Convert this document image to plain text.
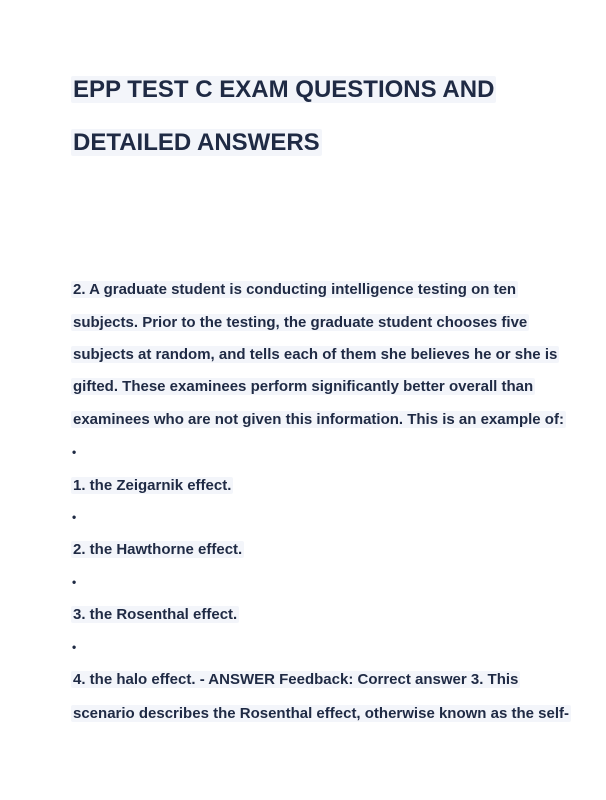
EPP TEST C EXAM QUESTIONS AND
DETAILED ANSWERS
2. A graduate student is conducting intelligence testing on ten
subjects. Prior to the testing, the graduate student chooses five
subjects at random, and tells each of them she believes he or she is
gifted. These examinees perform significantly better overall than
examinees who are not given this information. This is an example of:
•
1. the Zeigarnik effect.
•
2. the Hawthorne effect.
•
3. the Rosenthal effect.
•
4. the halo effect. - ANSWER Feedback: Correct answer 3. This
scenario describes the Rosenthal effect, otherwise known as the self-
